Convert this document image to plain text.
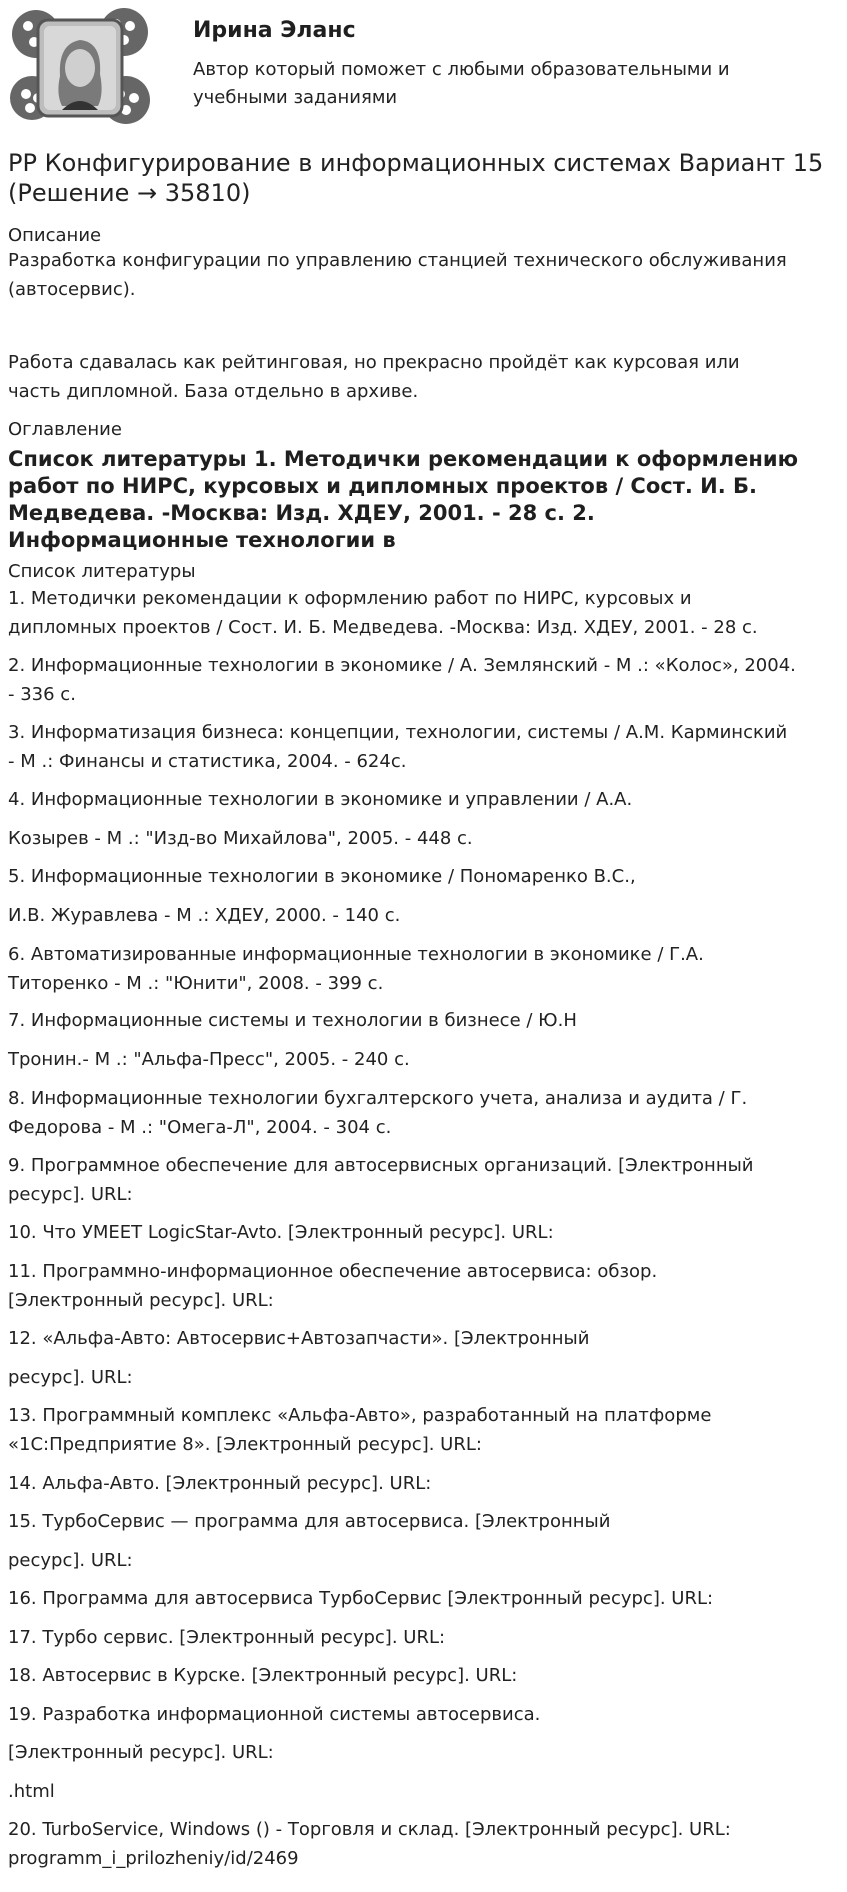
Ирина Эланс
Автор который поможет с любыми образовательными и учебными заданиями
РР Конфигурирование в информационных системах Вариант 15
(Решение → 35810)
Описание
Разработка конфигурации по управлению станцией технического обслуживания
(автосервис).
Работа сдавалась как рейтинговая, но прекрасно пройдёт как курсовая или
часть дипломной. База отдельно в архиве.
Оглавление
Список литературы 1. Методички рекомендации к оформлению
работ по НИРС, курсовых и дипломных проектов / Сост. И. Б.
Медведева. -Москва: Изд. ХДЕУ, 2001. - 28 с. 2.
Информационные технологии в
Список литературы
1. Методички рекомендации к оформлению работ по НИРС, курсовых и
дипломных проектов / Сост. И. Б. Медведева. -Москва: Изд. ХДЕУ, 2001. - 28 с.
2. Информационные технологии в экономике / А. Землянский - М .: «Колос», 2004.
- 336 с.
3. Информатизация бизнеса: концепции, технологии, системы / А.М. Карминский
- М .: Финансы и статистика, 2004. - 624с.
4. Информационные технологии в экономике и управлении / А.А.
Козырев - М .: "Изд-во Михайлова", 2005. - 448 с.
5. Информационные технологии в экономике / Пономаренко В.С.,
И.В. Журавлева - М .: ХДЕУ, 2000. - 140 с.
6. Автоматизированные информационные технологии в экономике / Г.А.
Титоренко - М .: "Юнити", 2008. - 399 с.
7. Информационные системы и технологии в бизнесе / Ю.Н
Тронин.- М .: "Альфа-Пресс", 2005. - 240 с.
8. Информационные технологии бухгалтерского учета, анализа и аудита / Г.
Федорова - М .: "Омега-Л", 2004. - 304 с.
9. Программное обеспечение для автосервисных организаций. [Электронный
ресурс]. URL:
10. Что УМЕЕТ LogicStar-Avto. [Электронный ресурс]. URL:
11. Программно-информационное обеспечение автосервиса: обзор.
[Электронный ресурс]. URL:
12. «Альфа-Авто: Автосервис+Автозапчасти». [Электронный
ресурс]. URL:
13. Программный комплекс «Альфа-Авто», разработанный на платформе
«1С:Предприятие 8». [Электронный ресурс]. URL:
14. Альфа-Авто. [Электронный ресурс]. URL:
15. ТурбоСервис — программа для автосервиса. [Электронный
ресурс]. URL:
16. Программа для автосервиса ТурбоСервис [Электронный ресурс]. URL:
17. Турбо сервис. [Электронный ресурс]. URL:
18. Автосервис в Курске. [Электронный ресурс]. URL:
19. Разработка информационной системы автосервиса.
[Электронный ресурс]. URL:
.html
20. TurboService, Windows () - Торговля и склад. [Электронный ресурс]. URL:
programm_i_prilozheniy/id/2469
